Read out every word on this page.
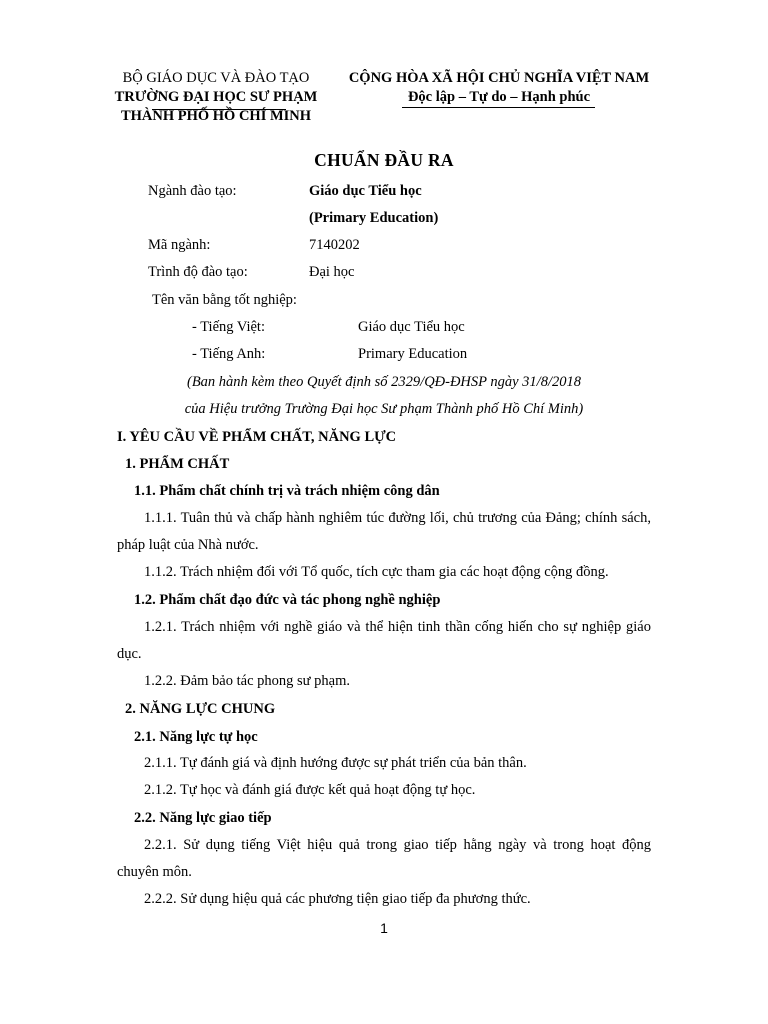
BỘ GIÁO DỤC VÀ ĐÀO TẠO
TRƯỜNG ĐẠI HỌC SƯ PHẠM
THÀNH PHỐ HỒ CHÍ MINH
CỘNG HÒA XÃ HỘI CHỦ NGHĨA VIỆT NAM
Độc lập – Tự do – Hạnh phúc
CHUẨN ĐẦU RA
Ngành đào tạo:	Giáo dục Tiểu học
(Primary Education)
Mã ngành:	7140202
Trình độ đào tạo:	Đại học
Tên văn bằng tốt nghiệp:
- Tiếng Việt:	Giáo dục Tiểu học
- Tiếng Anh:	Primary Education
(Ban hành kèm theo Quyết định số 2329/QĐ-ĐHSP ngày 31/8/2018
của Hiệu trưởng Trường Đại học Sư phạm Thành phố Hồ Chí Minh)
I. YÊU CẦU VỀ PHẨM CHẤT, NĂNG LỰC
1. PHẨM CHẤT
1.1. Phẩm chất chính trị và trách nhiệm công dân
1.1.1. Tuân thủ và chấp hành nghiêm túc đường lối, chủ trương của Đảng; chính sách, pháp luật của Nhà nước.
1.1.2. Trách nhiệm đối với Tổ quốc, tích cực tham gia các hoạt động cộng đồng.
1.2. Phẩm chất đạo đức và tác phong nghề nghiệp
1.2.1. Trách nhiệm với nghề giáo và thể hiện tinh thần cống hiến cho sự nghiệp giáo dục.
1.2.2. Đảm bảo tác phong sư phạm.
2. NĂNG LỰC CHUNG
2.1. Năng lực tự học
2.1.1. Tự đánh giá và định hướng được sự phát triển của bản thân.
2.1.2. Tự học và đánh giá được kết quả hoạt động tự học.
2.2. Năng lực giao tiếp
2.2.1. Sử dụng tiếng Việt hiệu quả trong giao tiếp hằng ngày và trong hoạt động chuyên môn.
2.2.2. Sử dụng hiệu quả các phương tiện giao tiếp đa phương thức.
1
